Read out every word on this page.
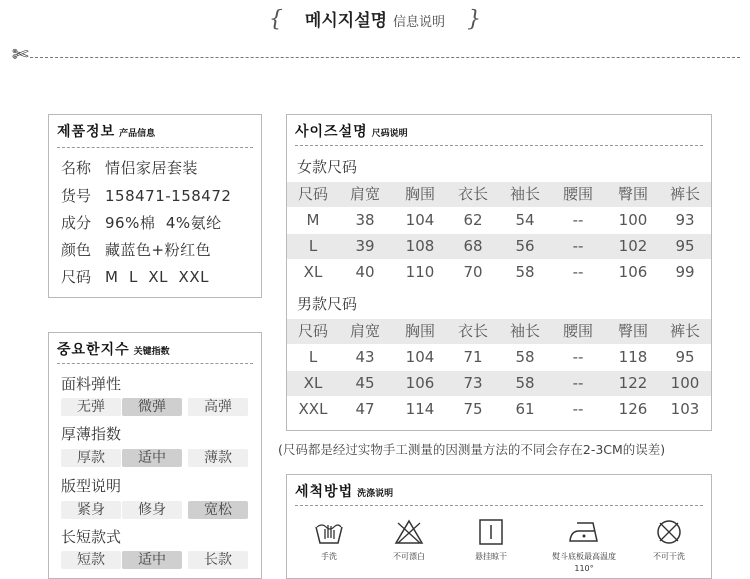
{ 메시지설명 信息说明 }
✄
제품정보 产品信息
名称 情侣家居套装
货号 158471-158472
成分 96%棉  4%氨纶
颜色 藏蓝色+粉红色
尺码 M  L  XL  XXL
중요한지수 关键指数
面料弹性
无弹	微弹	高弹
厚薄指数
厚款	适中	薄款
版型说明
紧身	修身	宽松
长短款式
短款	适中	长款
사이즈설명 尺码说明
女款尺码
尺码	肩宽	胸围	衣长	袖长	腰围	臀围	裤长
M	38	104	62	54	--	100	93
L	39	108	68	56	--	102	95
XL	40	110	70	58	--	106	99
男款尺码
尺码	肩宽	胸围	衣长	袖长	腰围	臀围	裤长
L	43	104	71	58	--	118	95
XL	45	106	73	58	--	122	100
XXL	47	114	75	61	--	126	103
(尺码都是经过实物手工测量的因测量方法的不同会存在2-3CM的误差)
세척방법 洗涤说明
手洗	不可漂白	悬挂晾干	熨斗底板最高温度110°
不可干洗
